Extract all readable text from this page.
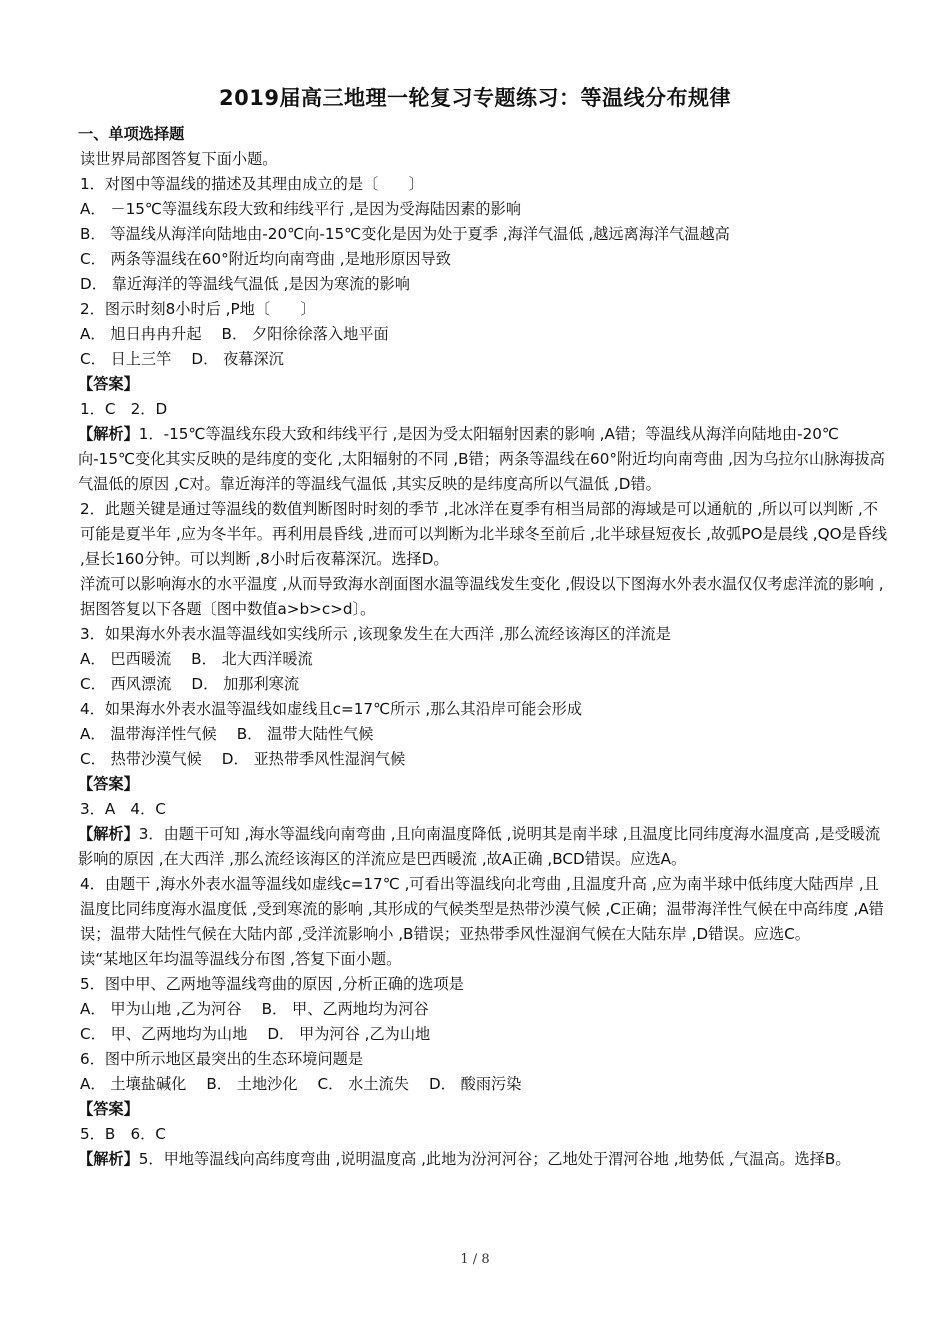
2019届高三地理一轮复习专题练习：等温线分布规律

一、单项选择题

读世界局部图答复下面小题。

1．对图中等温线的描述及其理由成立的是〔　　〕

A． －15℃等温线东段大致和纬线平行 ,是因为受海陆因素的影响

B． 等温线从海洋向陆地由-20℃向-15℃变化是因为处于夏季 ,海洋气温低 ,越远离海洋气温越高

C． 两条等温线在60°附近均向南弯曲 ,是地形原因导致

D． 靠近海洋的等温线气温低 ,是因为寒流的影响

2．图示时刻8小时后 ,P地〔　　〕

A． 旭日冉冉升起　 B． 夕阳徐徐落入地平面

C． 日上三竿　 D． 夜幕深沉

【答案】

1．C　2．D

【解析】1．-15℃等温线东段大致和纬线平行 ,是因为受太阳辐射因素的影响 ,A错；等温线从海洋向陆地由-20℃向-15℃变化其实反映的是纬度的变化 ,太阳辐射的不同 ,B错；两条等温线在60°附近均向南弯曲 ,因为乌拉尔山脉海拔高气温低的原因 ,C对。靠近海洋的等温线气温低 ,其实反映的是纬度高所以气温低 ,D错。

2．此题关键是通过等温线的数值判断图时时刻的季节 ,北冰洋在夏季有相当局部的海域是可以通航的 ,所以可以判断 ,不可能是夏半年 ,应为冬半年。再利用晨昏线 ,进而可以判断为北半球冬至前后 ,北半球昼短夜长 ,故弧PO是晨线 ,QO是昏线 ,昼长160分钟。可以判断 ,8小时后夜幕深沉。选择D。

洋流可以影响海水的水平温度 ,从而导致海水剖面图水温等温线发生变化 ,假设以下图海水外表水温仅仅考虑洋流的影响 ,据图答复以下各题〔图中数值a>b>c>d〕。

3．如果海水外表水温等温线如实线所示 ,该现象发生在大西洋 ,那么流经该海区的洋流是

A． 巴西暖流　 B． 北大西洋暖流

C． 西风漂流　 D． 加那利寒流

4．如果海水外表水温等温线如虚线且c=17℃所示 ,那么其沿岸可能会形成

A． 温带海洋性气候　 B． 温带大陆性气候

C． 热带沙漠气候　 D． 亚热带季风性湿润气候

【答案】

3．A　4．C

【解析】3．由题干可知 ,海水等温线向南弯曲 ,且向南温度降低 ,说明其是南半球 ,且温度比同纬度海水温度高 ,是受暖流影响的原因 ,在大西洋 ,那么流经该海区的洋流应是巴西暖流 ,故A正确 ,BCD错误。应选A。

4．由题干 ,海水外表水温等温线如虚线c=17℃ ,可看出等温线向北弯曲 ,且温度升高 ,应为南半球中低纬度大陆西岸 ,且温度比同纬度海水温度低 ,受到寒流的影响 ,其形成的气候类型是热带沙漠气候 ,C正确；温带海洋性气候在中高纬度 ,A错误；温带大陆性气候在大陆内部 ,受洋流影响小 ,B错误；亚热带季风性湿润气候在大陆东岸 ,D错误。应选C。

读“某地区年均温等温线分布图 ,答复下面小题。

5．图中甲、乙两地等温线弯曲的原因 ,分析正确的选项是

A． 甲为山地 ,乙为河谷　 B． 甲、乙两地均为河谷

C． 甲、乙两地均为山地　 D． 甲为河谷 ,乙为山地

6．图中所示地区最突出的生态环境问题是

A． 土壤盐碱化　 B． 土地沙化　 C． 水土流失　 D． 酸雨污染

【答案】

5．B　6．C

【解析】5．甲地等温线向高纬度弯曲 ,说明温度高 ,此地为汾河河谷；乙地处于渭河谷地 ,地势低 ,气温高。选择B。

1 / 8
